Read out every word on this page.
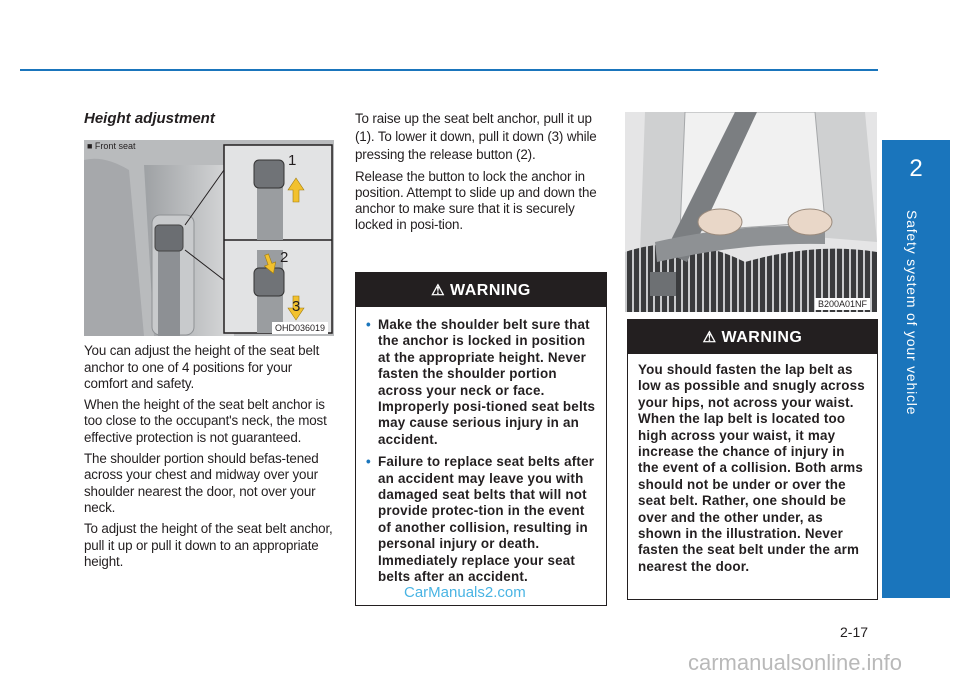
2
Safety system of your vehicle
Height adjustment
■ Front seat
1
2
3
OHD036019

You can adjust the height of the seat belt anchor to one of 4 positions for your comfort and safety.

When the height of the seat belt anchor is too close to the occupant's neck, the most effective protection is not guaranteed.

The shoulder portion should befas-tened across your chest and midway over your shoulder nearest the door, not over your neck.

To adjust the height of the seat belt anchor, pull it up or pull it down to an appropriate height.

To raise up the seat belt anchor, pull it up (1). To lower it down, pull it down (3) while pressing the release button (2).

Release the button to lock the anchor in position. Attempt to slide up and down the anchor to make sure that it is securely locked in posi-tion.

⚠ WARNING
• Make the shoulder belt sure that the anchor is locked in position at the appropriate height. Never fasten the shoulder portion across your neck or face. Improperly posi-tioned seat belts may cause serious injury in an accident.
• Failure to replace seat belts after an accident may leave you with damaged seat belts that will not provide protec-tion in the event of another collision, resulting in personal injury or death. Immediately replace your seat belts after an accident.
B200A01NF
⚠ WARNING
You should fasten the lap belt as low as possible and snugly across your hips, not across your waist. When the lap belt is located too high across your waist, it may increase the chance of injury in the event of a collision. Both arms should not be under or over the seat belt. Rather, one should be over and the other under, as shown in the illustration. Never fasten the seat belt under the arm nearest the door.
2-17
CarManuals2.com
carmanualsonline.info
